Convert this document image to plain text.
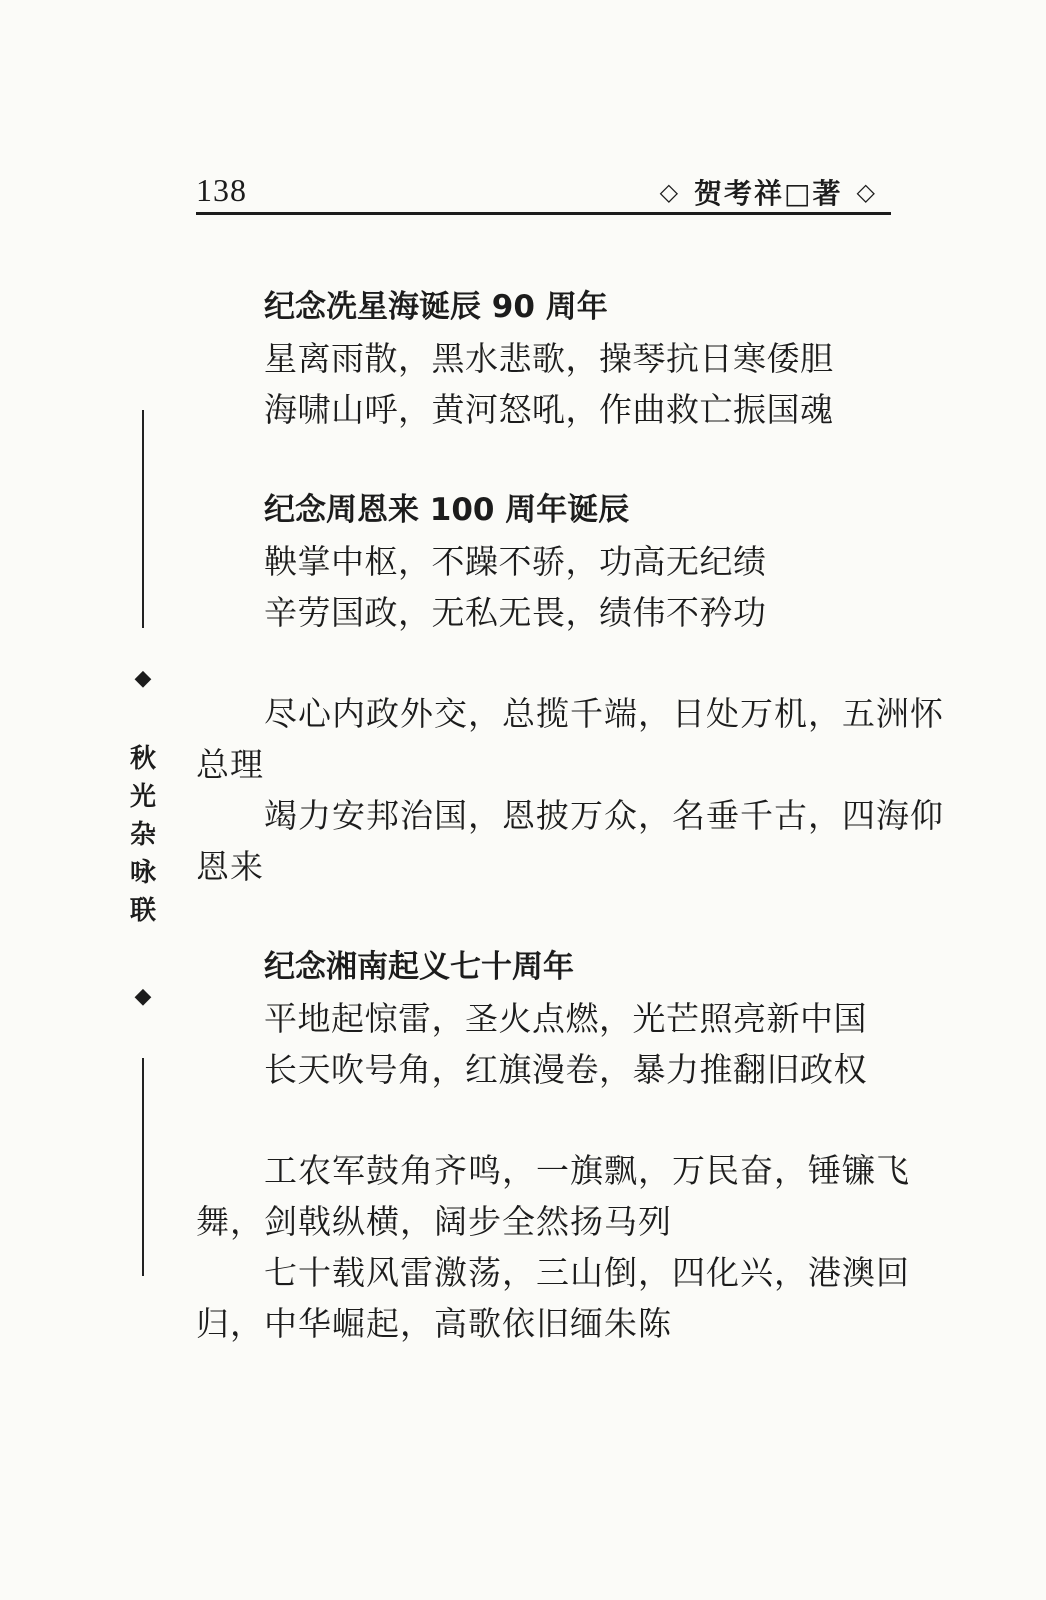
138	◇ 贺考祥□著 ◇
◆
秋光杂咏联
◆
纪念冼星海诞辰 90 周年
星离雨散，黑水悲歌，操琴抗日寒倭胆
海啸山呼，黄河怒吼，作曲救亡振国魂
纪念周恩来 100 周年诞辰
鞅掌中枢，不躁不骄，功高无纪绩
辛劳国政，无私无畏，绩伟不矜功
尽心内政外交，总揽千端，日处万机，五洲怀总理
竭力安邦治国，恩披万众，名垂千古，四海仰恩来
纪念湘南起义七十周年
平地起惊雷，圣火点燃，光芒照亮新中国
长天吹号角，红旗漫卷，暴力推翻旧政权
工农军鼓角齐鸣，一旗飘，万民奋，锤镰飞舞，剑戟纵横，阔步全然扬马列
七十载风雷激荡，三山倒，四化兴，港澳回归，中华崛起，高歌依旧缅朱陈
